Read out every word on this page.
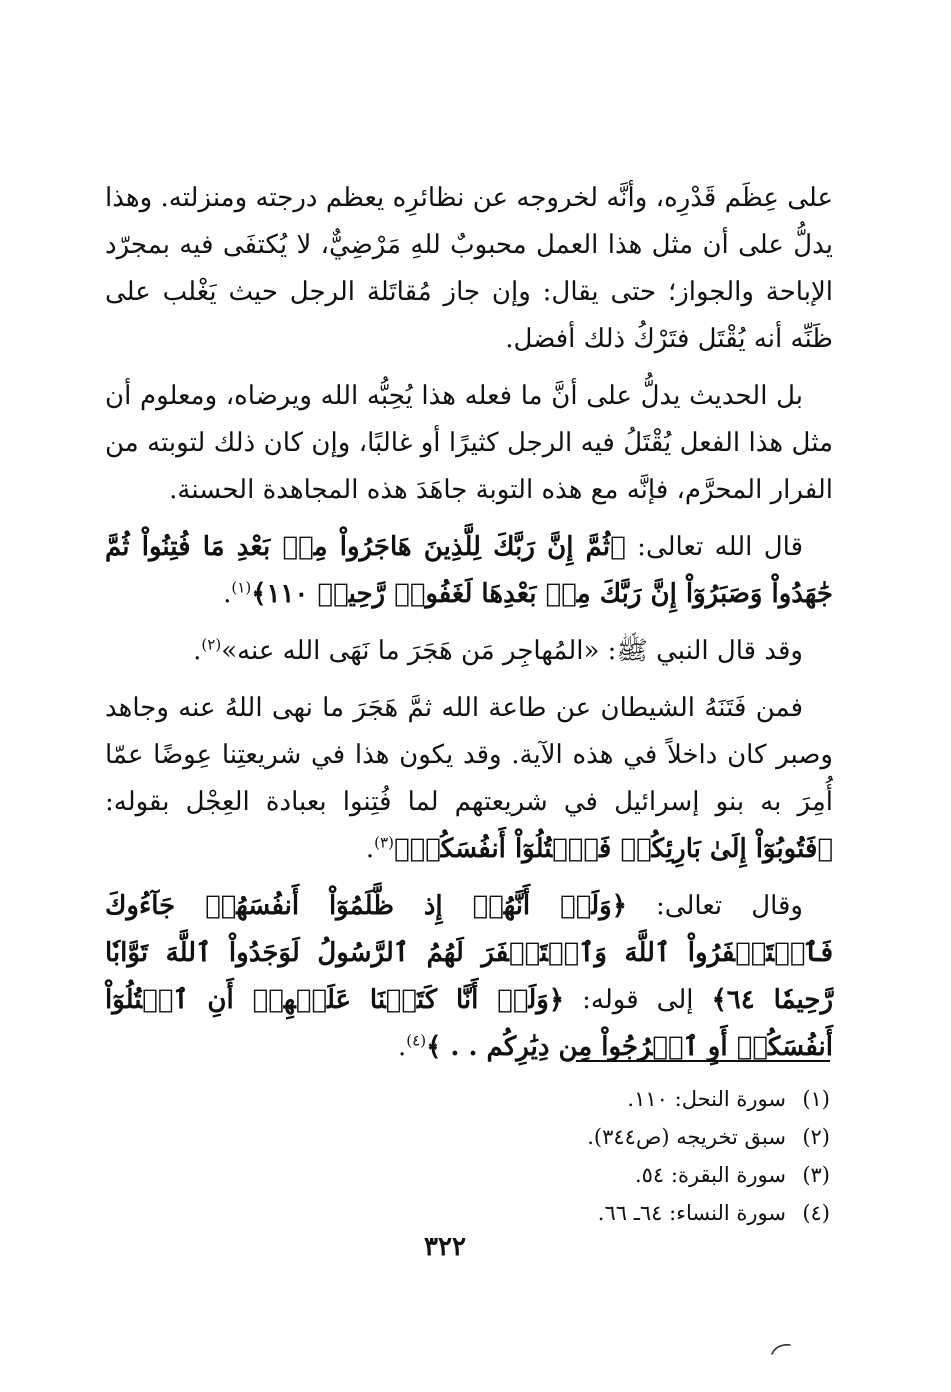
على عِظَم قَدْرِه، وأنَّه لخروجه عن نظائرِه يعظم درجته ومنزلته. وهذا يدلُّ على أن مثل هذا العمل محبوبٌ للهِ مَرْضِيٌّ، لا يُكتفَى فيه بمجرّد الإباحة والجواز؛ حتى يقال: وإن جاز مُقاتَلة الرجل حيث يَغْلب على ظَنِّه أنه يُقْتَل فتَرْكُ ذلك أفضل.

بل الحديث يدلُّ على أنَّ ما فعله هذا يُحِبُّه الله ويرضاه، ومعلوم أن مثل هذا الفعل يُقْتَلُ فيه الرجل كثيرًا أو غالبًا، وإن كان ذلك لتوبته من الفرار المحرَّم، فإنَّه مع هذه التوبة جاهَدَ هذه المجاهدة الحسنة.

قال الله تعالى: ﴿ثُمَّ إِنَّ رَبَّكَ لِلَّذِينَ هَاجَرُواْ مِنۢ بَعْدِ مَا فُتِنُواْ ثُمَّ جَٰهَدُواْ وَصَبَرُوٓاْ إِنَّ رَبَّكَ مِنۢ بَعْدِهَا لَغَفُورٞ رَّحِيمٞ ١١٠﴾$^{(١)}$.

وقد قال النبي ﷺ: «المُهاجِر مَن هَجَرَ ما نَهَى الله عنه»$^{(٢)}$.

فمن فَتَنَهُ الشيطان عن طاعة الله ثمَّ هَجَرَ ما نهى اللهُ عنه وجاهد وصبر كان داخلاً في هذه الآية. وقد يكون هذا في شريعتِنا عِوضًا عمّا أُمِرَ به بنو إسرائيل في شريعتهم لما فُتِنوا بعبادة العِجْل بقوله: ﴿فَتُوبُوٓاْ إِلَىٰ بَارِئِكُمۡ فَٱقۡتُلُوٓاْ أَنفُسَكُمۡ﴾$^{(٣)}$.

وقال تعالى: ﴿وَلَوۡ أَنَّهُمۡ إِذ ظَّلَمُوٓاْ أَنفُسَهُمۡ جَآءُوكَ فَٱسۡتَغۡفَرُواْ ٱللَّهَ وَٱسۡتَغۡفَرَ لَهُمُ ٱلرَّسُولُ لَوَجَدُواْ ٱللَّهَ تَوَّابٗا رَّحِيمٗا ٦٤﴾ إلى قوله: ﴿وَلَوۡ أَنَّا كَتَبۡنَا عَلَيۡهِمۡ أَنِ ٱقۡتُلُوٓاْ أَنفُسَكُمۡ أَوِ ٱخۡرُجُواْ مِن دِيَٰرِكُم . . ﴾$^{(٤)}$.

(١)سورة النحل: ١١٠.
(٢)سبق تخريجه (ص٣٤٤).
(٣)سورة البقرة: ٥٤.
(٤)سورة النساء: ٦٤ـ ٦٦.
٣٢٢
